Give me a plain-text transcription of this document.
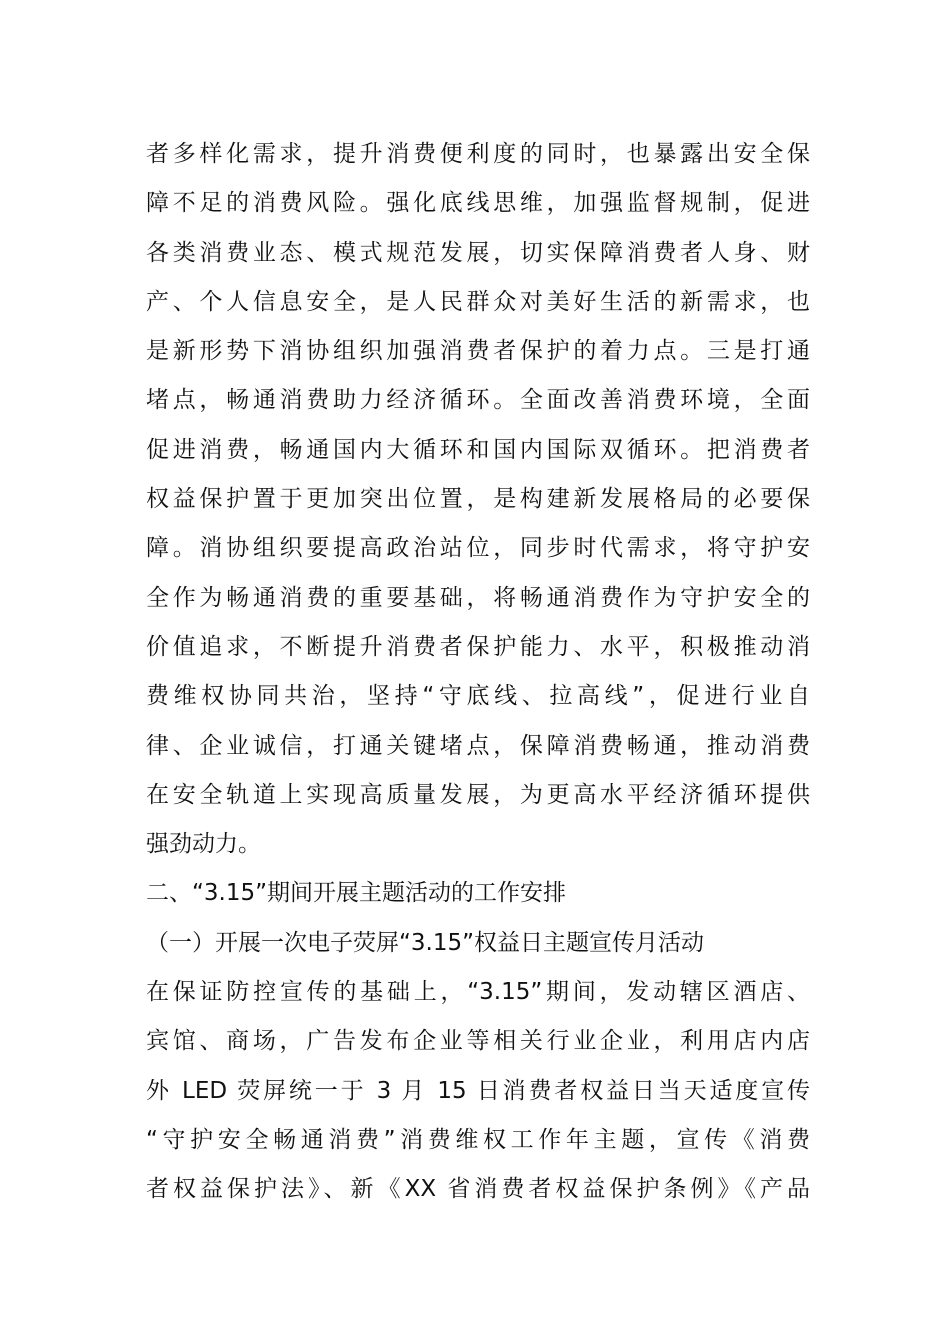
者多样化需求，提升消费便利度的同时，也暴露出安全保
障不足的消费风险。强化底线思维，加强监督规制，促进
各类消费业态、模式规范发展，切实保障消费者人身、财
产、个人信息安全，是人民群众对美好生活的新需求，也
是新形势下消协组织加强消费者保护的着力点。三是打通
堵点，畅通消费助力经济循环。全面改善消费环境，全面
促进消费，畅通国内大循环和国内国际双循环。把消费者
权益保护置于更加突出位置，是构建新发展格局的必要保
障。消协组织要提高政治站位，同步时代需求，将守护安
全作为畅通消费的重要基础，将畅通消费作为守护安全的
价值追求，不断提升消费者保护能力、水平，积极推动消
费维权协同共治，坚持“守底线、拉高线”，促进行业自
律、企业诚信，打通关键堵点，保障消费畅通，推动消费
在安全轨道上实现高质量发展，为更高水平经济循环提供
强劲动力。
二、“3.15”期间开展主题活动的工作安排
（一）开展一次电子荧屏“3.15”权益日主题宣传月活动
在保证防控宣传的基础上，“3.15”期间，发动辖区酒店、
宾馆、商场，广告发布企业等相关行业企业，利用店内店
外 LED 荧屏统一于 3 月 15 日消费者权益日当天适度宣传
“守护安全畅通消费”消费维权工作年主题，宣传《消费
者权益保护法》、新《XX 省消费者权益保护条例》《产品
